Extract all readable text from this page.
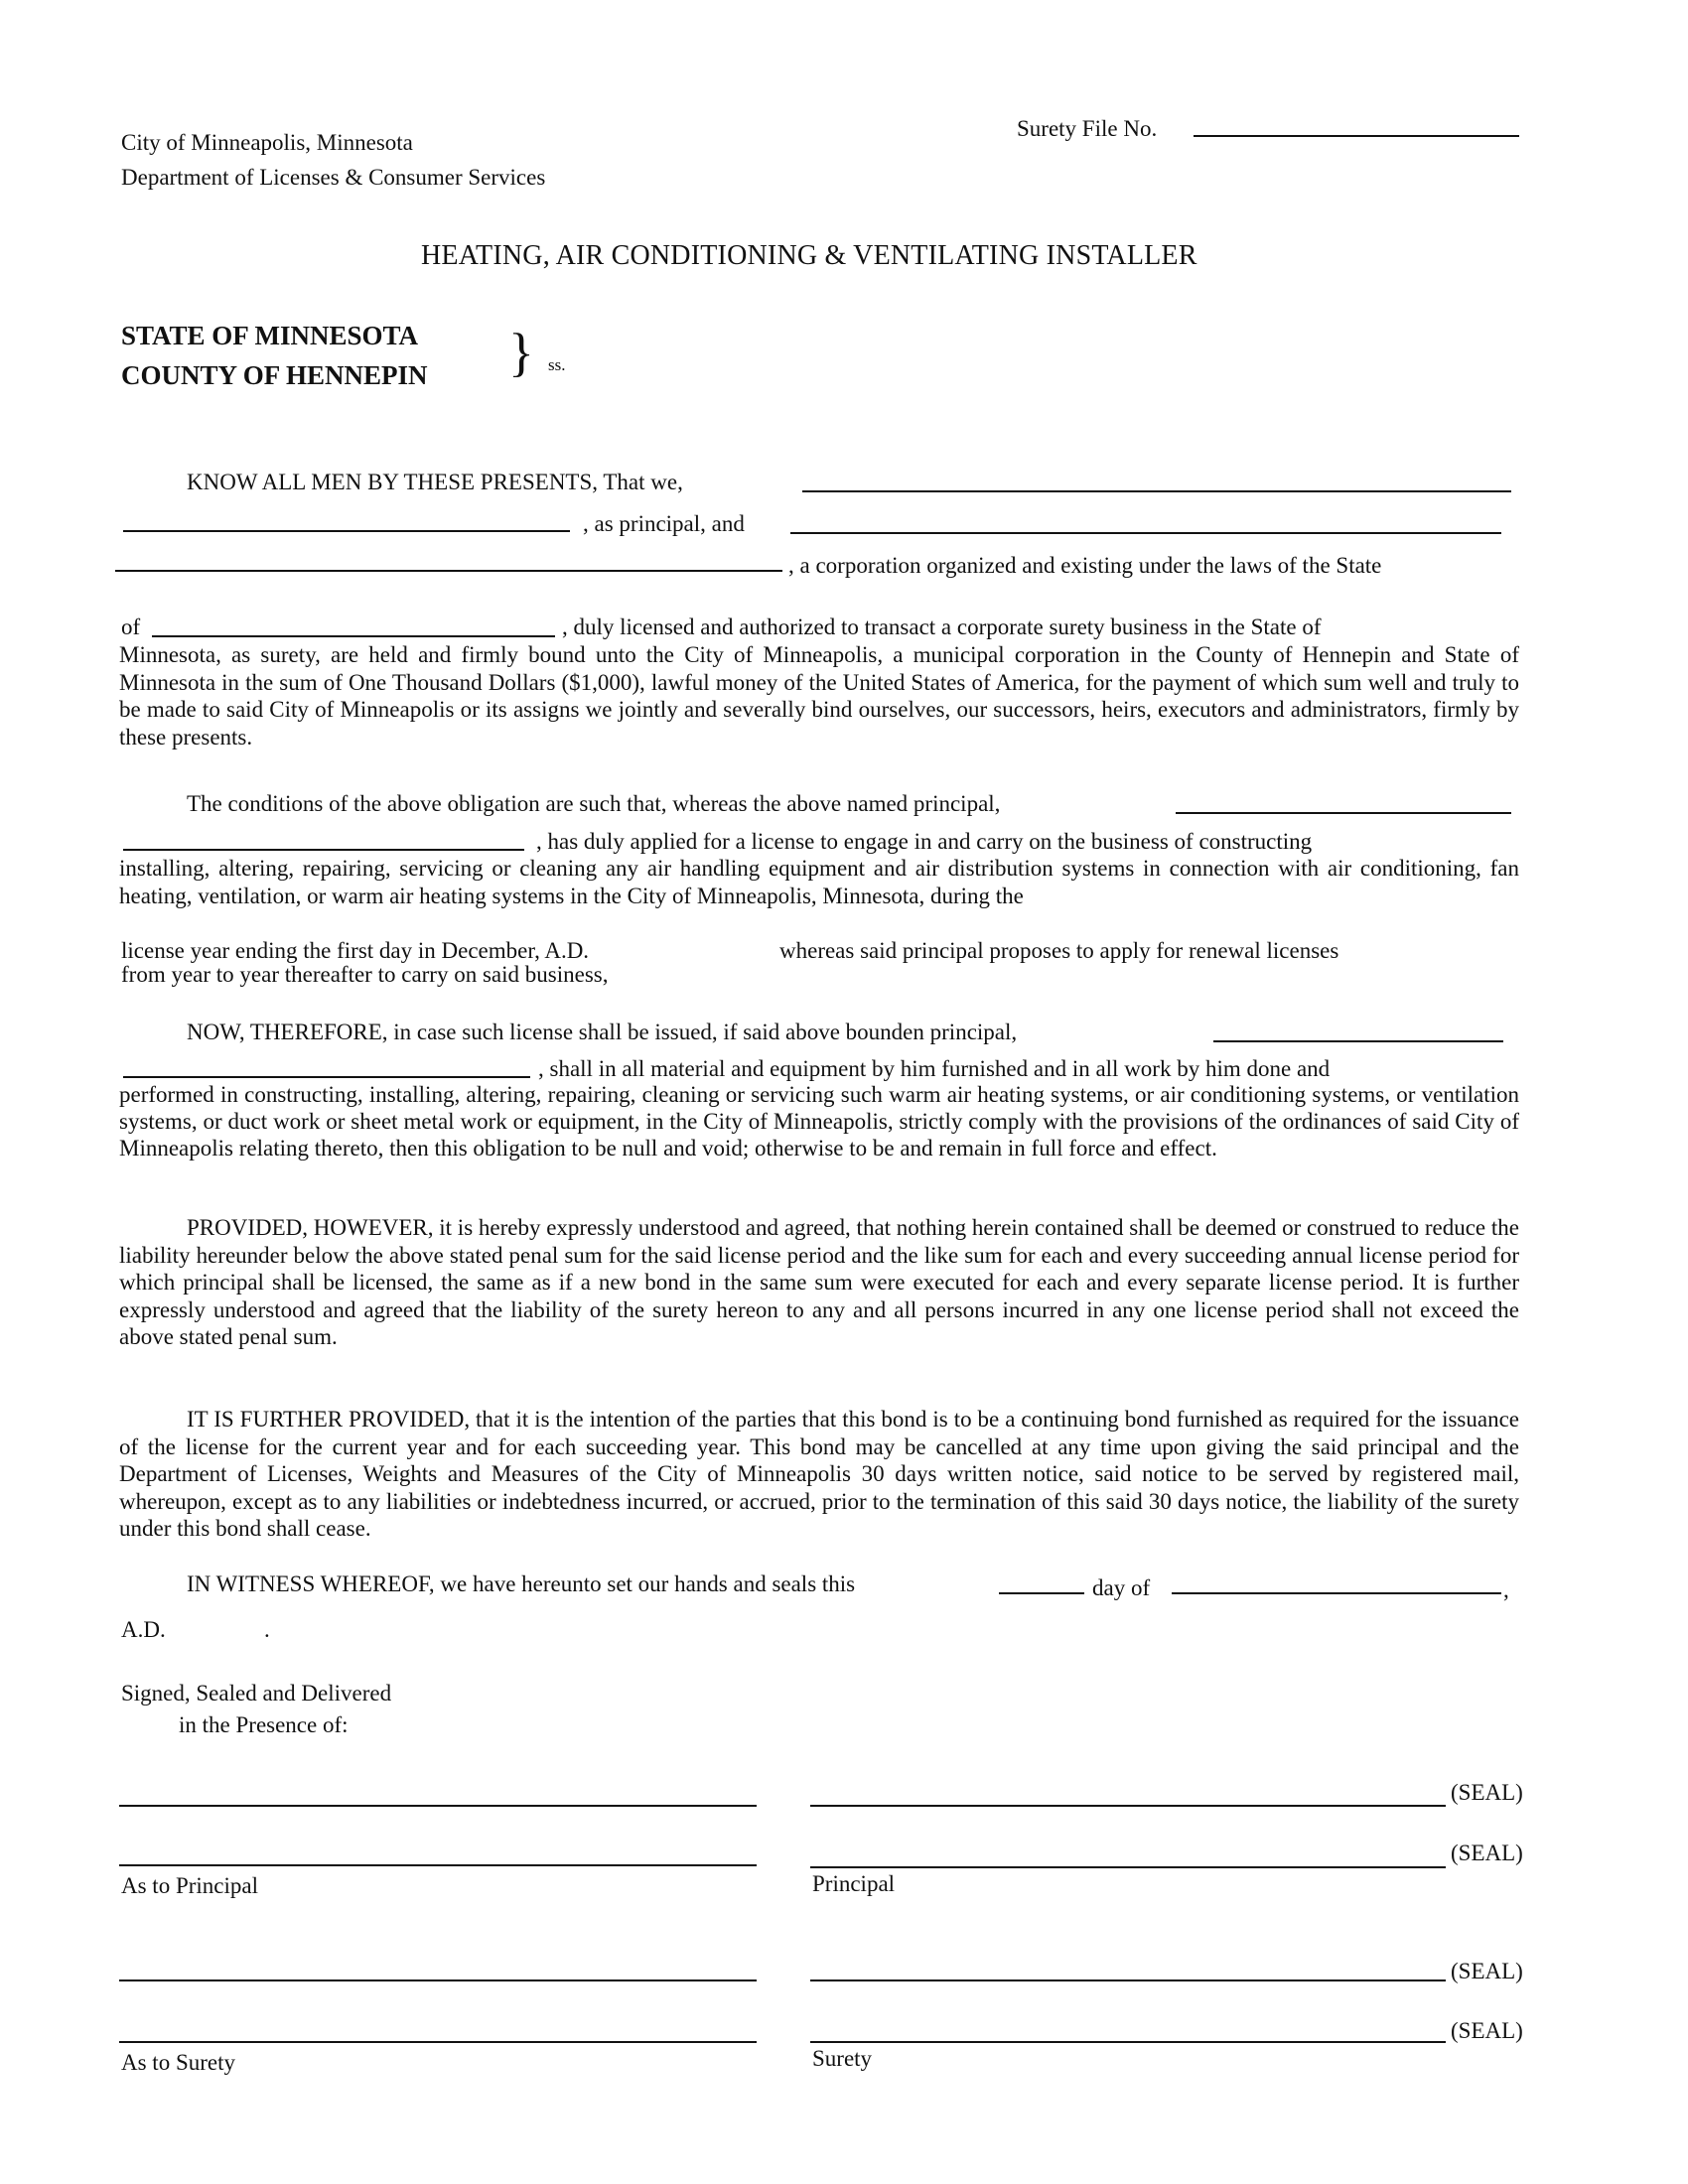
City of Minneapolis, Minnesota
Department of Licenses & Consumer Services
Surety File No.
HEATING, AIR CONDITIONING & VENTILATING INSTALLER
STATE OF MINNESOTA
COUNTY OF HENNEPIN } ss.
KNOW ALL MEN BY THESE PRESENTS, That we,
, as principal, and
, a corporation organized and existing under the laws of the State
of	, duly licensed and authorized to transact a corporate surety business in the State of
Minnesota, as surety, are held and firmly bound unto the City of Minneapolis, a municipal corporation in the County of Hennepin and State of Minnesota in the sum of One Thousand Dollars ($1,000), lawful money of the United States of America, for the payment of which sum well and truly to be made to said City of Minneapolis or its assigns we jointly and severally bind ourselves, our successors, heirs, executors and administrators, firmly by these presents.
The conditions of the above obligation are such that, whereas the above named principal,
, has duly applied for a license to engage in and carry on the business of constructing
installing, altering, repairing, servicing or cleaning any air handling equipment and air distribution systems in connection with air conditioning, fan heating, ventilation, or warm air heating systems in the City of Minneapolis, Minnesota, during the
license year ending the first day in December, A.D.	whereas said principal proposes to apply for renewal licenses
from year to year thereafter to carry on said business,
NOW, THEREFORE, in case such license shall be issued, if said above bounden principal,
, shall in all material and equipment by him furnished and in all work by him done and
performed in constructing, installing, altering, repairing, cleaning or servicing such warm air heating systems, or air conditioning systems, or ventilation systems, or duct work or sheet metal work or equipment, in the City of Minneapolis, strictly comply with the provisions of the ordinances of said City of Minneapolis relating thereto, then this obligation to be null and void; otherwise to be and remain in full force and effect.
PROVIDED, HOWEVER, it is hereby expressly understood and agreed, that nothing herein contained shall be deemed or construed to reduce the liability hereunder below the above stated penal sum for the said license period and the like sum for each and every succeeding annual license period for which principal shall be licensed, the same as if a new bond in the same sum were executed for each and every separate license period. It is further expressly understood and agreed that the liability of the surety hereon to any and all persons incurred in any one license period shall not exceed the above stated penal sum.
IT IS FURTHER PROVIDED, that it is the intention of the parties that this bond is to be a continuing bond furnished as required for the issuance of the license for the current year and for each succeeding year. This bond may be cancelled at any time upon giving the said principal and the Department of Licenses, Weights and Measures of the City of Minneapolis 30 days written notice, said notice to be served by registered mail, whereupon, except as to any liabilities or indebtedness incurred, or accrued, prior to the termination of this said 30 days notice, the liability of the surety under this bond shall cease.
IN WITNESS WHEREOF, we have hereunto set our hands and seals this	day of	,
A.D.	.
Signed, Sealed and Delivered
in the Presence of:
(SEAL)
(SEAL)
As to Principal	Principal
(SEAL)
(SEAL)
As to Surety	Surety
